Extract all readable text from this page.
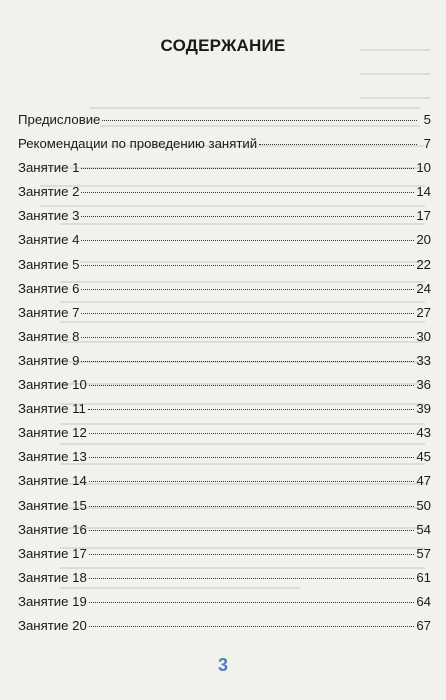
СОДЕРЖАНИЕ
Предисловие	5
Рекомендации по проведению занятий	7
Занятие 1	10
Занятие 2	14
Занятие 3	17
Занятие 4	20
Занятие 5	22
Занятие 6	24
Занятие 7	27
Занятие 8	30
Занятие 9	33
Занятие 10	36
Занятие 11	39
Занятие 12	43
Занятие 13	45
Занятие 14	47
Занятие 15	50
Занятие 16	54
Занятие 17	57
Занятие 18	61
Занятие 19	64
Занятие 20	67
3
